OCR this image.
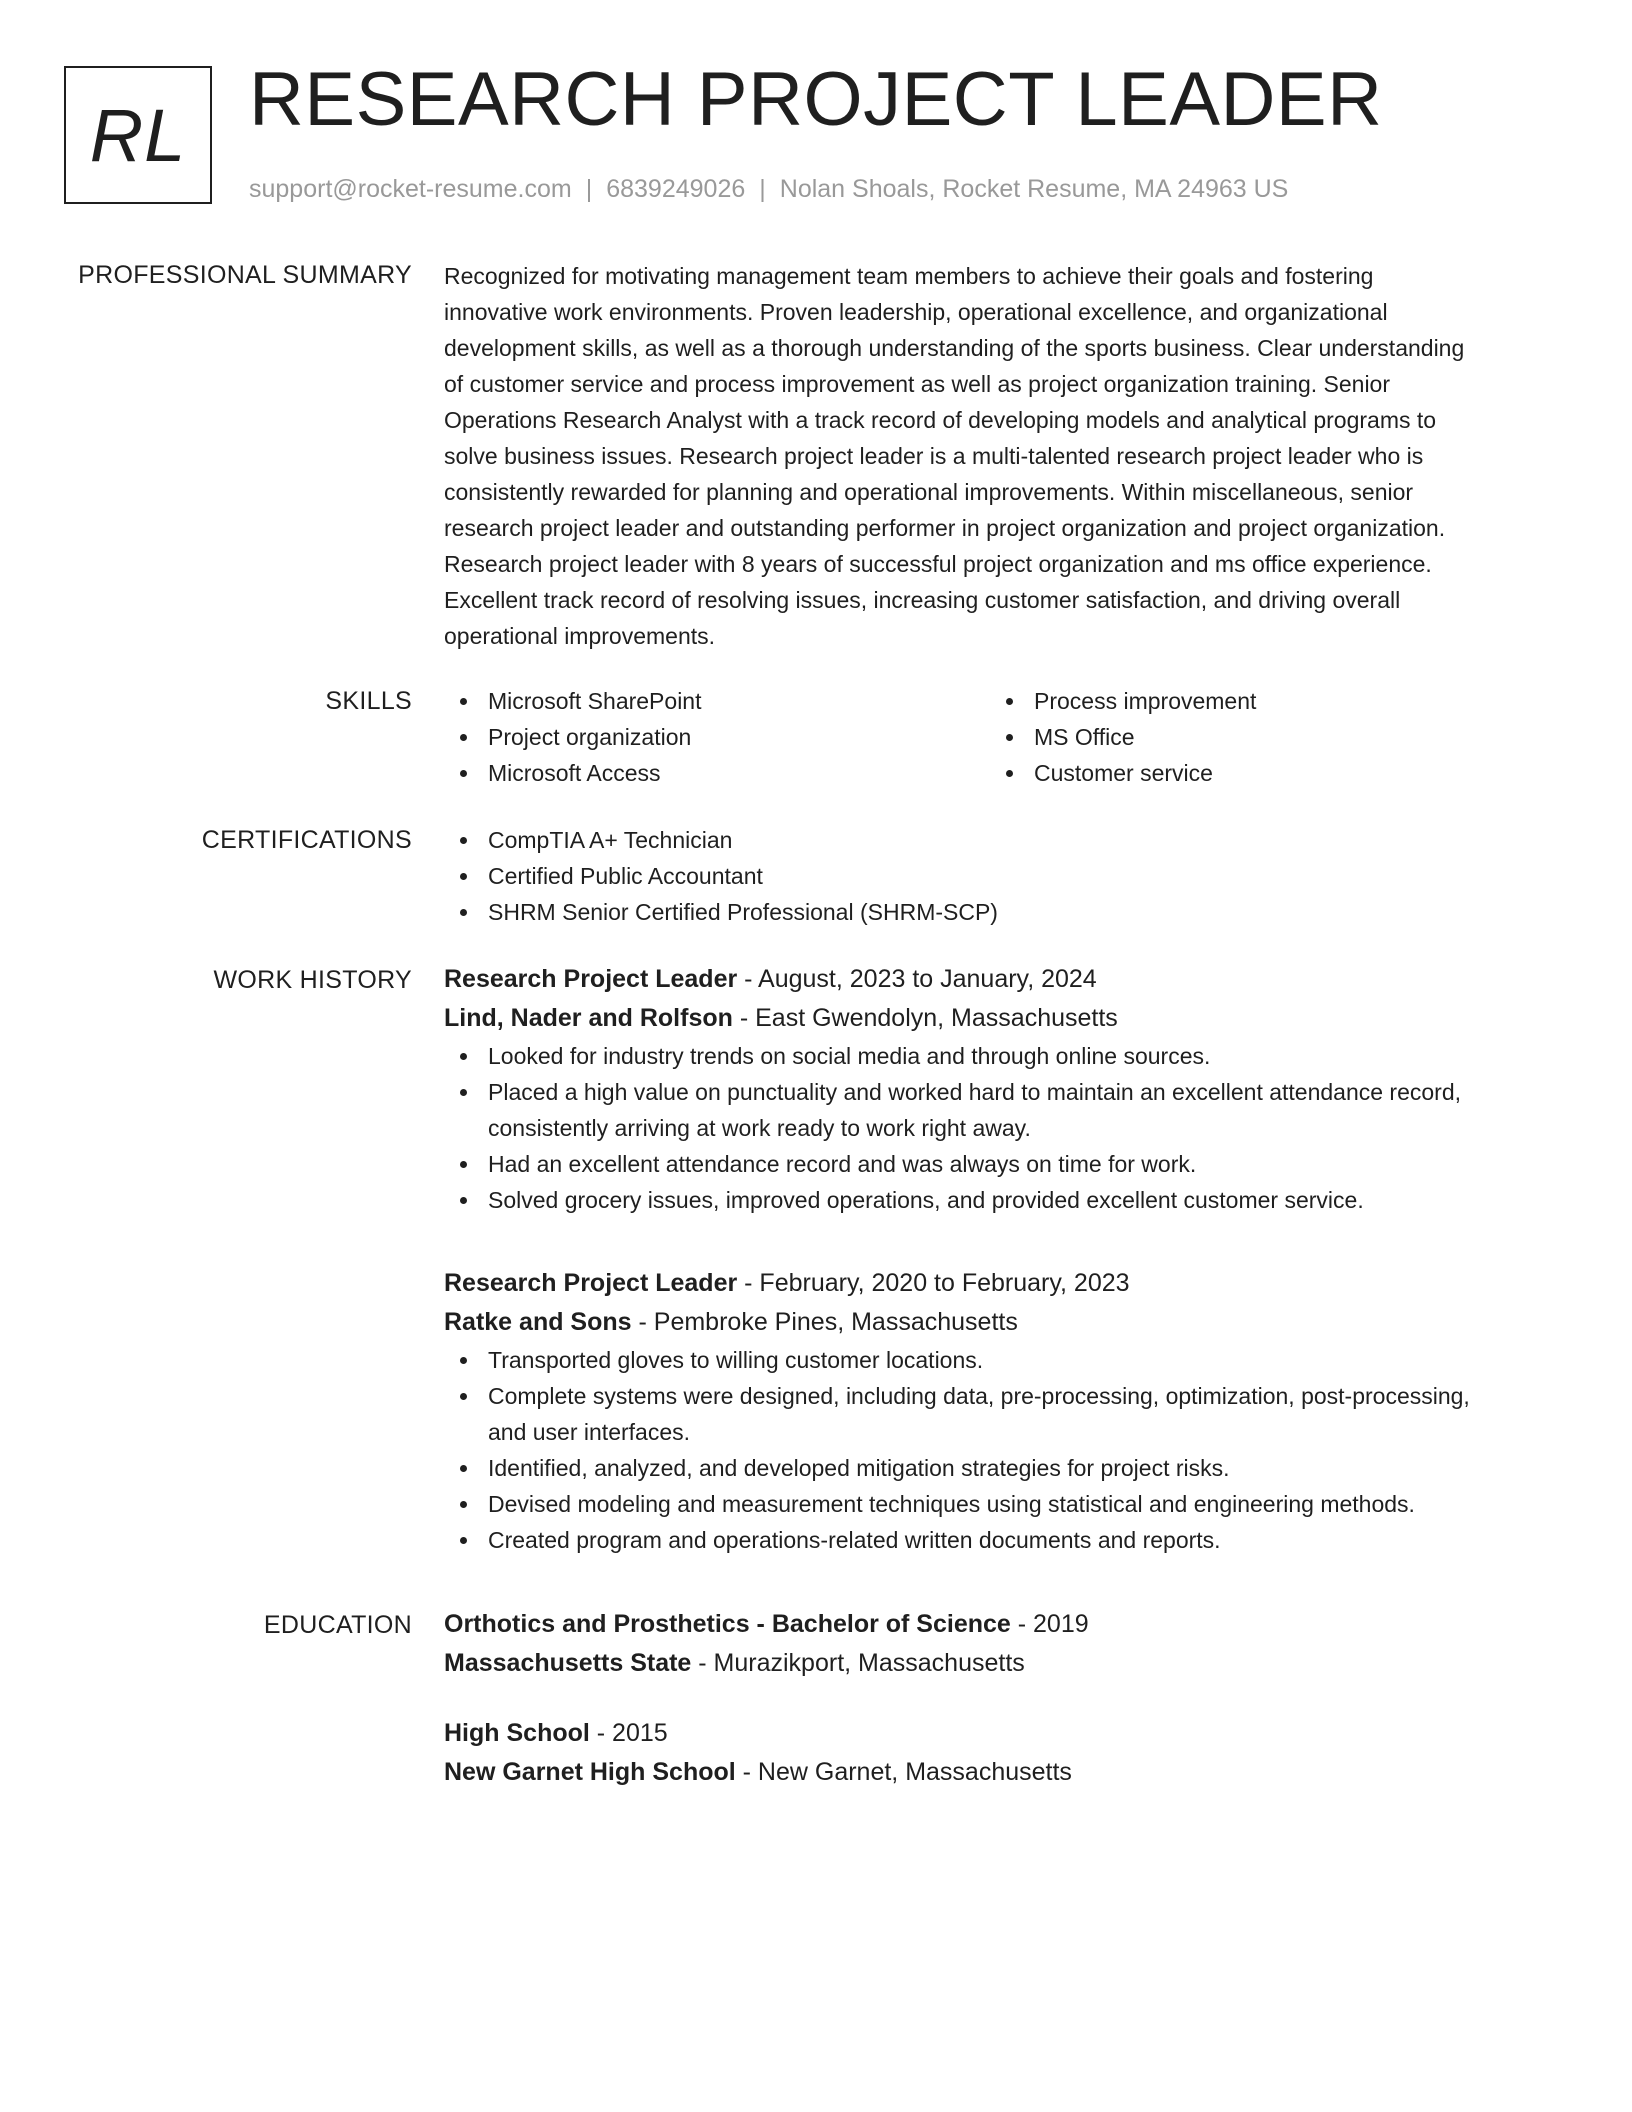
RL RESEARCH PROJECT LEADER
support@rocket-resume.com | 6839249026 | Nolan Shoals, Rocket Resume, MA 24963 US
PROFESSIONAL SUMMARY Recognized for motivating management team members to achieve their goals and fostering
innovative work environments. Proven leadership, operational excellence, and organizational
development skills, as well as a thorough understanding of the sports business. Clear understanding
of customer service and process improvement as well as project organization training. Senior
Operations Research Analyst with a track record of developing models and analytical programs to
solve business issues. Research project leader is a multi-talented research project leader who is
consistently rewarded for planning and operational improvements. Within miscellaneous, senior
research project leader and outstanding performer in project organization and project organization.
Research project leader with 8 years of successful project organization and ms office experience.
Excellent track record of resolving issues, increasing customer satisfaction, and driving overall
operational improvements.

SKILLS	Microsoft SharePoint
Project organization
Microsoft Access
Process improvement
MS Office
Customer service
CERTIFICATIONS	CompTIA A+ Technician
Certified Public Accountant
SHRM Senior Certified Professional (SHRM-SCP)
WORK HISTORY Research Project Leader - August, 2023 to January, 2024
Lind, Nader and Rolfson - East Gwendolyn, Massachusetts
Looked for industry trends on social media and through online sources.
Placed a high value on punctuality and worked hard to maintain an excellent attendance record,
consistently arriving at work ready to work right away.
Had an excellent attendance record and was always on time for work.
Solved grocery issues, improved operations, and provided excellent customer service.
Research Project Leader - February, 2020 to February, 2023
Ratke and Sons - Pembroke Pines, Massachusetts
Transported gloves to willing customer locations.
Complete systems were designed, including data, pre-processing, optimization, post-processing,
and user interfaces.
Identified, analyzed, and developed mitigation strategies for project risks.
Devised modeling and measurement techniques using statistical and engineering methods.
Created program and operations-related written documents and reports.
EDUCATION Orthotics and Prosthetics - Bachelor of Science - 2019
Massachusetts State - Murazikport, Massachusetts
High School - 2015
New Garnet High School - New Garnet, Massachusetts
